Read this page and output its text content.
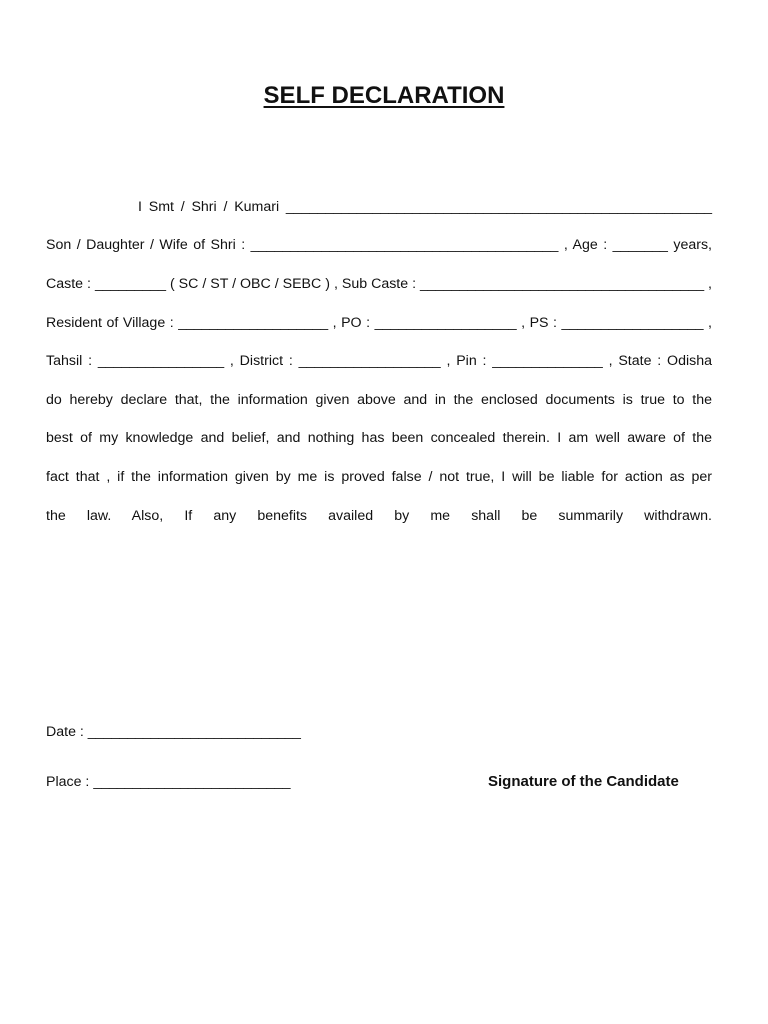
SELF DECLARATION
I Smt / Shri / Kumari ______________________________________________________
Son / Daughter / Wife of Shri : _______________________________________ , Age : _______ years,
Caste : _________ ( SC / ST / OBC / SEBC ) , Sub Caste : ____________________________________ ,
Resident of Village : ___________________ , PO : __________________ , PS : __________________ ,
Tahsil : ________________ , District : __________________ , Pin : ______________ , State : Odisha
do hereby declare that, the information given above and in the enclosed documents is true to the
best of my knowledge and belief, and nothing has been concealed therein. I am well aware of the
fact that , if the information given by me is proved false / not true, I will be liable for action as per
the law. Also, If any benefits availed by me shall be summarily withdrawn.
Date : ___________________________
Place : _________________________	Signature of the Candidate
